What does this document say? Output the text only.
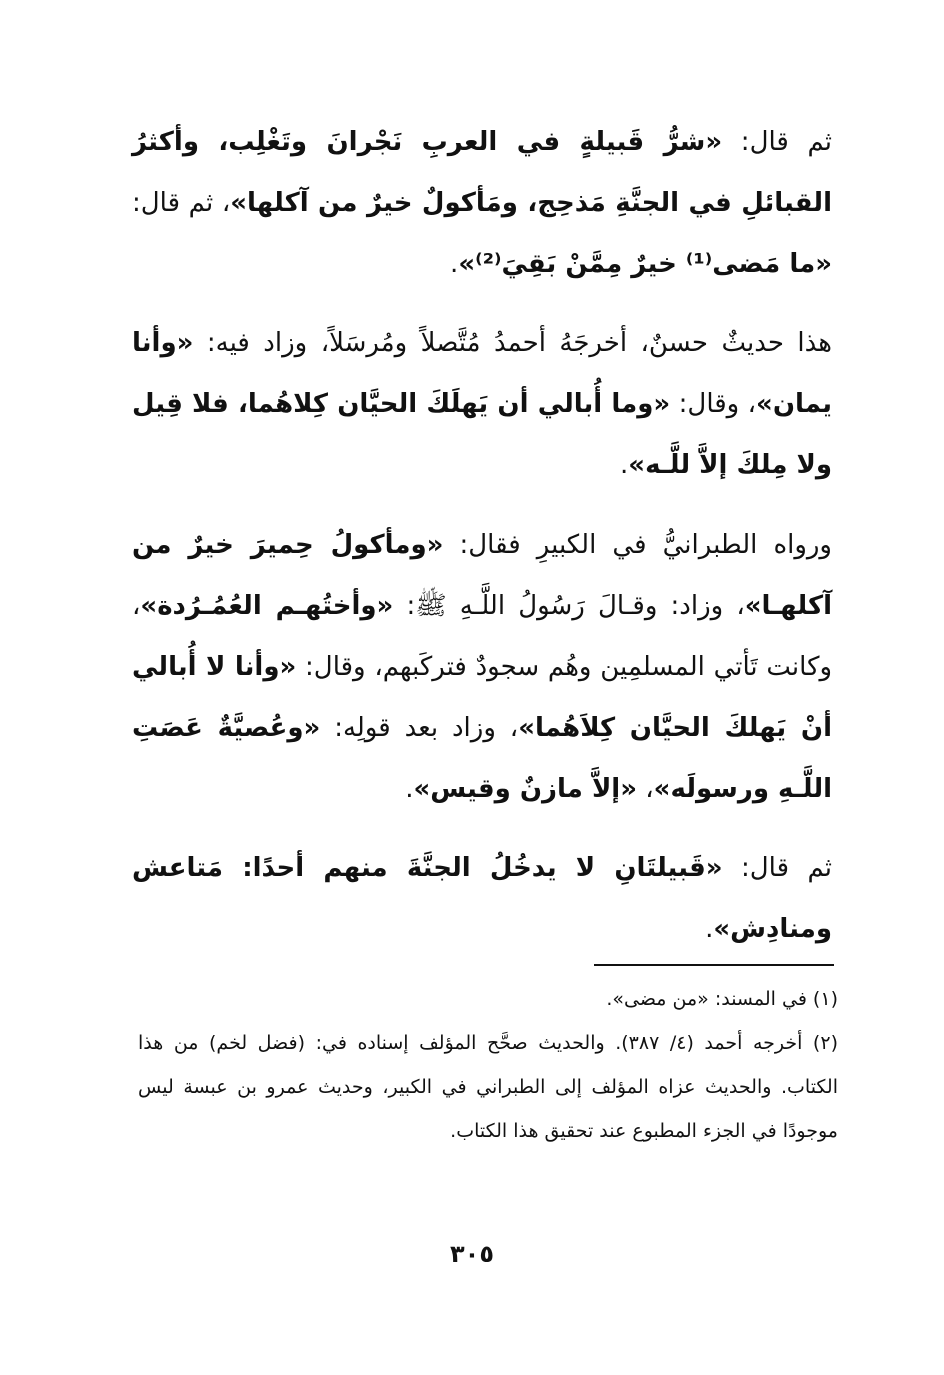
ثم قال: «شرُّ قَبيلةٍ في العربِ نَجْرانَ وتَغْلِب، وأكثرُ القبائلِ في الجنَّةِ مَذحِج، ومَأكولٌ خيرٌ من آكلها»، ثم قال: «ما مَضى⁽¹⁾ خيرٌ مِمَّنْ بَقِيَ⁽²⁾».

هذا حديثٌ حسنٌ، أخرجَهُ أحمدُ مُتَّصلاً ومُرسَلاً، وزاد فيه: «وأنا يمان»، وقال: «وما أُبالي أن يَهلَكَ الحيَّان كِلاهُما، فلا قِيل ولا مِلكَ إلاَّ للَّـه».

ورواه الطبرانيُّ في الكبيرِ فقال: «ومأكولُ حِميرَ خيرٌ من آكلهـا»، وزاد: وقـالَ رَسُولُ اللَّـهِ ﷺ: «وأختُهـم العُمُـرُدة»، وكانت تَأتي المسلمِين وهُم سجودٌ فتركَبهم، وقال: «وأنا لا أُبالي أنْ يَهلكَ الحيَّان كِلاَهُما»، وزاد بعد قولِه: «وعُصيَّةٌ عَصَتِ اللَّـهِ ورسولَه»، «إلاَّ مازنٌ وقيس».

ثم قال: «قَبيلتَانِ لا يدخُلُ الجنَّةَ منهم أحدًا: مَتاعش ومنادِش».

(١) في المسند: «من مضى».

(٢) أخرجه أحمد (٤/ ٣٨٧). والحديث صحَّح المؤلف إسناده في: (فضل لخم) من هذا الكتاب. والحديث عزاه المؤلف إلى الطبراني في الكبير، وحديث عمرو بن عبسة ليس موجودًا في الجزء المطبوع عند تحقيق هذا الكتاب.

٣٠٥
